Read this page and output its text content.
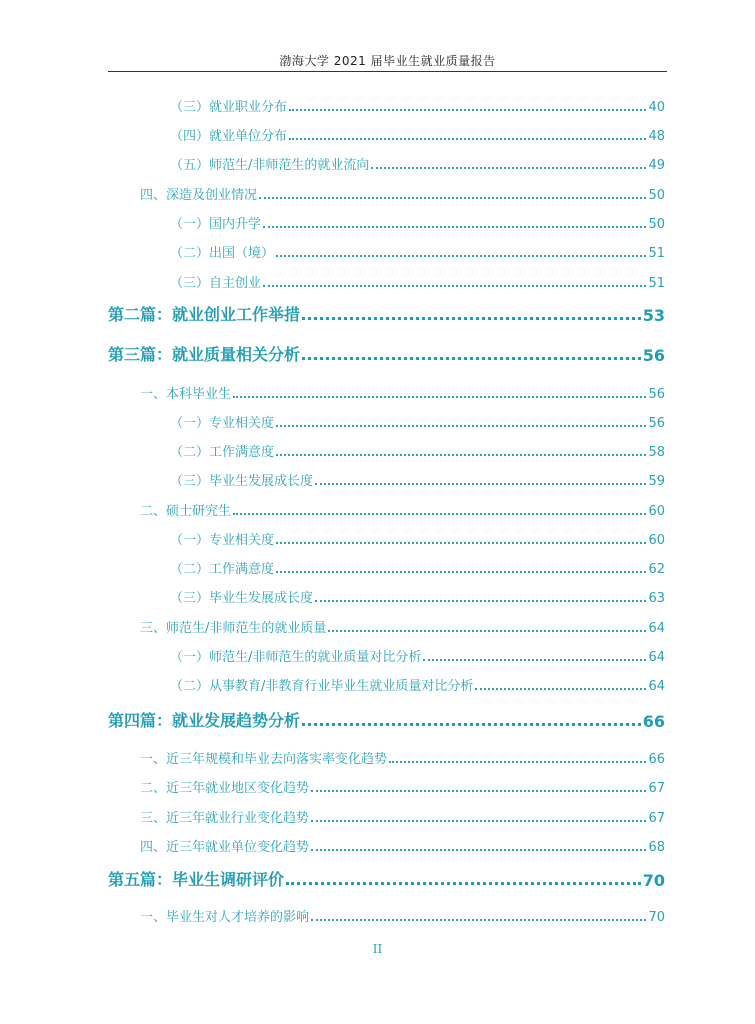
渤海大学 2021 届毕业生就业质量报告
（三）就业职业分布	40
（四）就业单位分布	48
（五）师范生/非师范生的就业流向	49
四、深造及创业情况	50
（一）国内升学	50
（二）出国（境）	51
（三）自主创业	51
第二篇：就业创业工作举措	53
第三篇：就业质量相关分析	56
一、本科毕业生	56
（一）专业相关度	56
（二）工作满意度	58
（三）毕业生发展成长度	59
二、硕士研究生	60
（一）专业相关度	60
（二）工作满意度	62
（三）毕业生发展成长度	63
三、师范生/非师范生的就业质量	64
（一）师范生/非师范生的就业质量对比分析	64
（二）从事教育/非教育行业毕业生就业质量对比分析	64
第四篇：就业发展趋势分析	66
一、近三年规模和毕业去向落实率变化趋势	66
二、近三年就业地区变化趋势	67
三、近三年就业行业变化趋势	67
四、近三年就业单位变化趋势	68
第五篇：毕业生调研评价	70
一、毕业生对人才培养的影响	70
II
